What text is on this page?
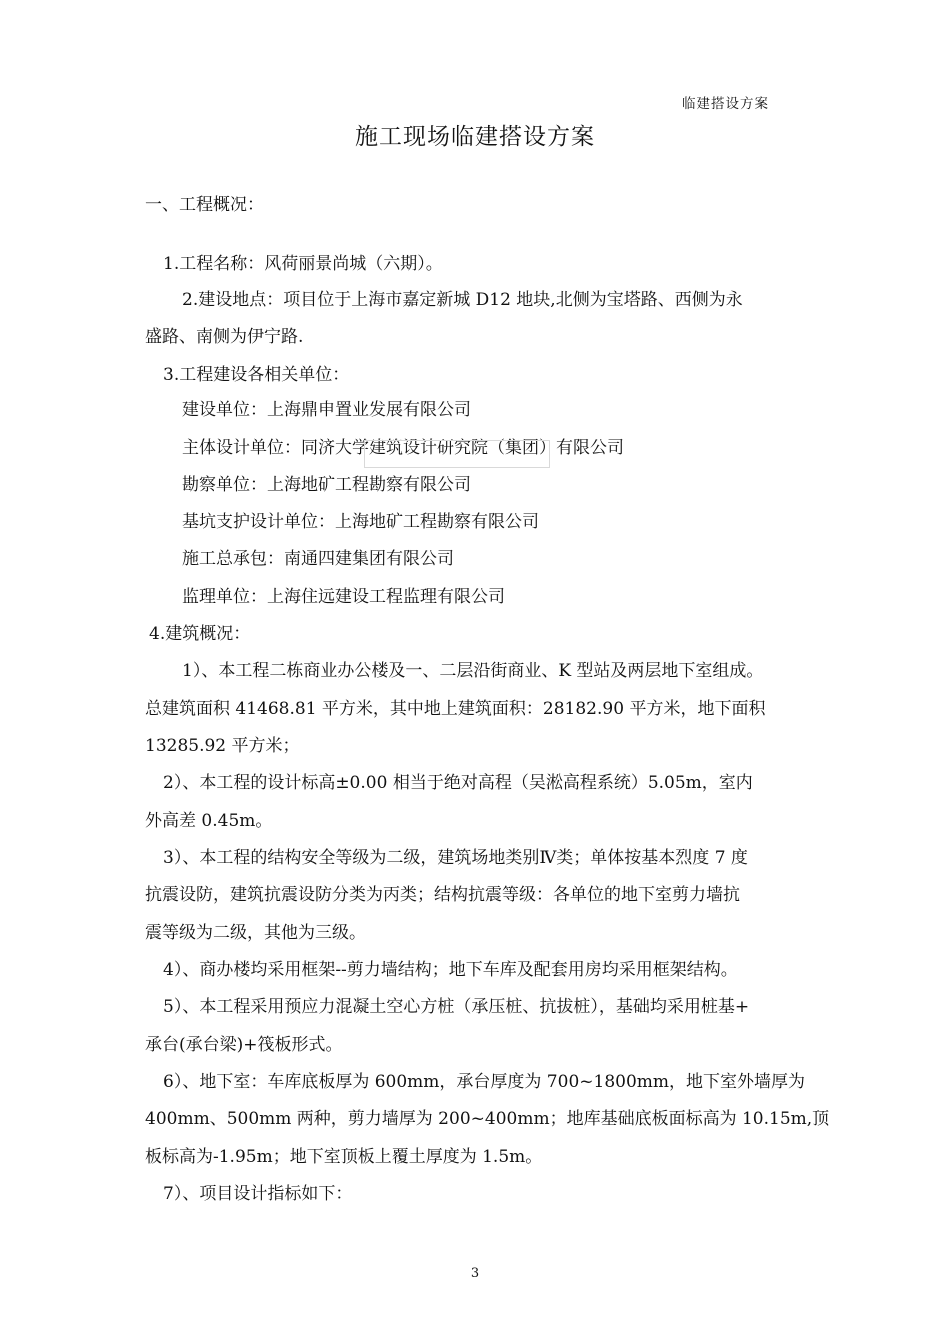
临建搭设方案
施工现场临建搭设方案
一、工程概况：
1.工程名称：风荷丽景尚城（六期）。
2.建设地点：项目位于上海市嘉定新城 D12 地块,北侧为宝塔路、西侧为永
盛路、南侧为伊宁路.
3.工程建设各相关单位：
建设单位：上海鼎申置业发展有限公司
主体设计单位：同济大学建筑设计研究院（集团）有限公司
勘察单位：上海地矿工程勘察有限公司
基坑支护设计单位：上海地矿工程勘察有限公司
施工总承包：南通四建集团有限公司
监理单位：上海住远建设工程监理有限公司
4.建筑概况：
1）、本工程二栋商业办公楼及一、二层沿街商业、K 型站及两层地下室组成。
总建筑面积 41468.81 平方米，其中地上建筑面积：28182.90 平方米，地下面积
13285.92 平方米；
2）、本工程的设计标高±0.00 相当于绝对高程（吴淞高程系统）5.05m，室内
外高差 0.45m。
3）、本工程的结构安全等级为二级，建筑场地类别Ⅳ类；单体按基本烈度 7 度
抗震设防，建筑抗震设防分类为丙类；结构抗震等级：各单位的地下室剪力墙抗
震等级为二级，其他为三级。
4）、商办楼均采用框架--剪力墙结构；地下车库及配套用房均采用框架结构。
5）、本工程采用预应力混凝土空心方桩（承压桩、抗拔桩），基础均采用桩基+
承台(承台梁)+筏板形式。
6）、地下室：车库底板厚为 600mm，承台厚度为 700~1800mm，地下室外墙厚为
400mm、500mm 两种，剪力墙厚为 200~400mm；地库基础底板面标高为 10.15m,顶
板标高为-1.95m；地下室顶板上覆土厚度为 1.5m。
7）、项目设计指标如下：
3
